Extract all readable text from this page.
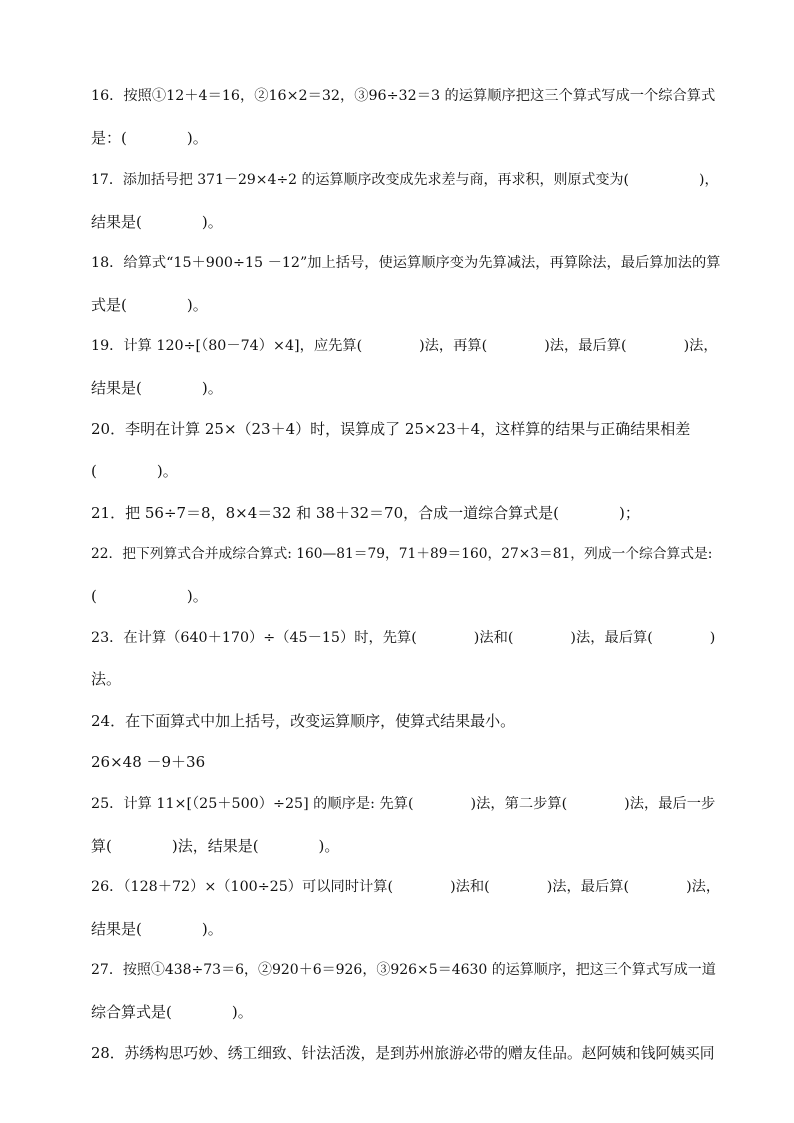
16．按照①12＋4＝16，②16×2＝32，③96÷32＝3 的运算顺序把这三个算式写成一个综合算式
是：(　　　　)。
17．添加括号把 371－29×4÷2 的运算顺序改变成先求差与商，再求积，则原式变为(　　　　　)，
结果是(　　　　)。
18．给算式“15＋900÷15 －12”加上括号，使运算顺序变为先算减法，再算除法，最后算加法的算
式是(　　　　)。
19．计算 120÷[（80－74）×4]，应先算(　　　　)法，再算(　　　　)法，最后算(　　　　)法，
结果是(　　　　)。
20．李明在计算 25×（23＋4）时，误算成了 25×23＋4，这样算的结果与正确结果相差
(　　　　)。
21．把 56÷7＝8，8×4＝32 和 38＋32＝70，合成一道综合算式是(　　　　)；
22．把下列算式合并成综合算式: 160—81＝79，71＋89＝160，27×3＝81，列成一个综合算式是:
(　　　　　　)。
23．在计算（640＋170）÷（45－15）时，先算(　　　　)法和(　　　　)法，最后算(　　　　)
法。
24．在下面算式中加上括号，改变运算顺序，使算式结果最小。
26×48 －9＋36
25．计算 11×[（25＋500）÷25] 的顺序是: 先算(　　　　)法，第二步算(　　　　)法，最后一步
算(　　　　)法，结果是(　　　　)。
26．（128＋72）×（100÷25）可以同时计算(　　　　)法和(　　　　)法，最后算(　　　　)法，
结果是(　　　　)。
27．按照①438÷73＝6，②920＋6＝926，③926×5＝4630 的运算顺序，把这三个算式写成一道
综合算式是(　　　　)。
28．苏绣构思巧妙、绣工细致、针法活泼，是到苏州旅游必带的赠友佳品。赵阿姨和钱阿姨买同
